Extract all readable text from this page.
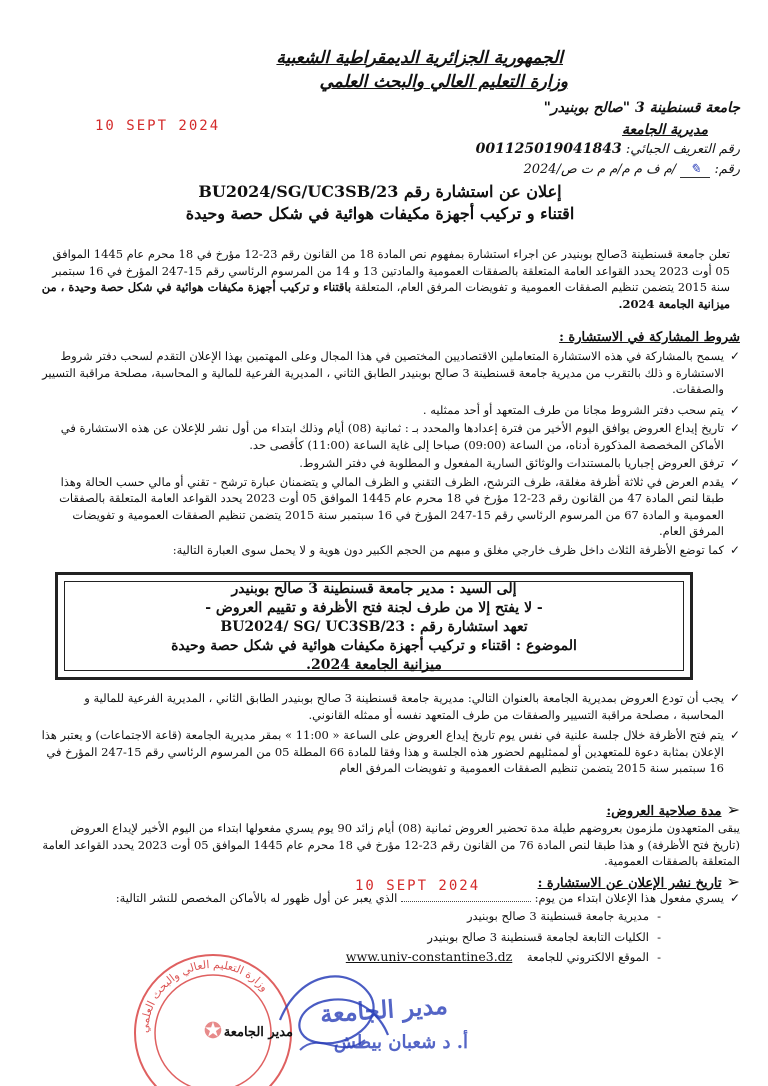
الجمهورية الجزائرية الديمقراطية الشعبية
وزارة التعليم العالي والبحث العلمي
جامعة قسنطينة 3 "صالح بوبنيدر"
مديرية الجامعة
10 SEPT 2024
رقم التعريف الجبائي: 001125019041843
رقم: ✎ /م ف م م/م م ت ص/2024
إعلان عن استشارة رقم BU2024/SG/UC3SB/23
اقتناء و تركيب أجهزة مكيفات هوائية في شكل حصة وحيدة
تعلن جامعة قسنطينة 3صالح بوبنيدر عن اجراء استشارة بمفهوم نص المادة 18 من القانون رقم 23-12 مؤرخ في 18 محرم عام 1445 الموافق 05 أوت 2023 يحدد القواعد العامة المتعلقة بالصفقات العمومية والمادتين 13 و 14 من المرسوم الرئاسي رقم 15-247 المؤرخ في 16 سبتمبر سنة 2015 يتضمن تنظيم الصفقات العمومية و تفويضات المرفق العام، المتعلقة باقتناء و تركيب أجهزة مكيفات هوائية في شكل حصة وحيدة ، من ميزانية الجامعة 2024.
شروط المشاركة في الاستشارة :
✓ يسمح بالمشاركة في هذه الاستشارة المتعاملين الاقتصاديين المختصين في هذا المجال وعلى المهتمين بهذا الإعلان التقدم لسحب دفتر شروط الاستشارة و ذلك بالتقرب من مديرية جامعة قسنطينة 3 صالح بوبنيدر الطابق الثاني ، المديرية الفرعية للمالية و المحاسبة، مصلحة مراقبة التسيير والصفقات.
✓ يتم سحب دفتر الشروط مجانا من طرف المتعهد أو أحد ممثليه .
✓ تاريخ إيداع العروض يوافق اليوم الأخير من فترة إعدادها والمحدد بـ : ثمانية (08) أيام وذلك ابتداء من أول نشر للإعلان عن هذه الاستشارة في الأماكن المخصصة المذكورة أدناه، من الساعة (09:00) صباحا إلى غاية الساعة (11:00) كأقصى حد.
✓ ترفق العروض إجباريا بالمستندات والوثائق السارية المفعول و المطلوبة في دفتر الشروط.
✓ يقدم العرض في ثلاثة أظرفة مغلقة، ظرف الترشح، الظرف التقني و الظرف المالي و يتضمنان عبارة ترشح - تقني أو مالي حسب الحالة وهذا طبقا لنص المادة 47 من القانون رقم 23-12 مؤرخ في 18 محرم عام 1445 الموافق 05 أوت 2023 يحدد القواعد العامة المتعلقة بالصفقات العمومية و المادة 67 من المرسوم الرئاسي رقم 15-247 المؤرخ في 16 سبتمبر سنة 2015 يتضمن تنظيم الصفقات العمومية و تفويضات المرفق العام.
✓ كما توضع الأظرفة الثلاث داخل ظرف خارجي مغلق و مبهم من الحجم الكبير دون هوية و لا يحمل سوى العبارة التالية:
إلى السيد : مدير جامعة قسنطينة 3 صالح بوبنيدر
- لا يفتح إلا من طرف لجنة فتح الأظرفة و تقييم العروض -
تعهد استشارة رقم : BU2024/ SG/ UC3SB/23
الموضوع : اقتناء و تركيب أجهزة مكيفات هوائية في شكل حصة وحيدة
ميزانية الجامعة 2024.
✓ يجب أن تودع العروض بمديرية الجامعة بالعنوان التالي: مديرية جامعة قسنطينة 3 صالح بوبنيدر الطابق الثاني ، المديرية الفرعية للمالية و المحاسبة ، مصلحة مراقبة التسيير والصفقات من طرف المتعهد نفسه أو ممثله القانوني.
✓ يتم فتح الأظرفة خلال جلسة علنية في نفس يوم تاريخ إيداع العروض على الساعة « 11:00 » بمقر مديرية الجامعة (قاعة الاجتماعات) و يعتبر هذا الإعلان بمثابة دعوة للمتعهدين أو لممثليهم لحضور هذه الجلسة و هذا وفقا للمادة 66 المطلة 05 من المرسوم الرئاسي رقم 15-247 المؤرخ في 16 سبتمبر سنة 2015 يتضمن تنظيم الصفقات العمومية و تفويضات المرفق العام
➢ مدة صلاحية العروض:
يبقى المتعهدون ملزمون بعروضهم طيلة مدة تحضير العروض ثمانية (08) أيام زائد 90 يوم يسري مفعولها ابتداء من اليوم الأخير لإيداع العروض (تاريخ فتح الأظرفة) و هذا طبقا لنص المادة 76 من القانون رقم 23-12 مؤرخ في 18 محرم عام 1445 الموافق 05 أوت 2023 يحدد القواعد العامة المتعلقة بالصفقات العمومية.
➢ تاريخ نشر الإعلان عن الاستشارة :
✓ يسري مفعول هذا الإعلان ابتداء من يوم:  الذي يعبر عن أول ظهور له بالأماكن المخصص للنشر التالية:
10 SEPT 2024
- مديرية جامعة قسنطينة 3 صالح بوبنيدر
- الكليات التابعة لجامعة قسنطينة 3 صالح بوبنيدر
- الموقع الالكتروني للجامعة    www.univ-constantine3.dz
وزارة التعليم العالي والبحث العلمي
✪ مدير الجامعة
مدير الجامعة
أ. د شعبان بيطش
